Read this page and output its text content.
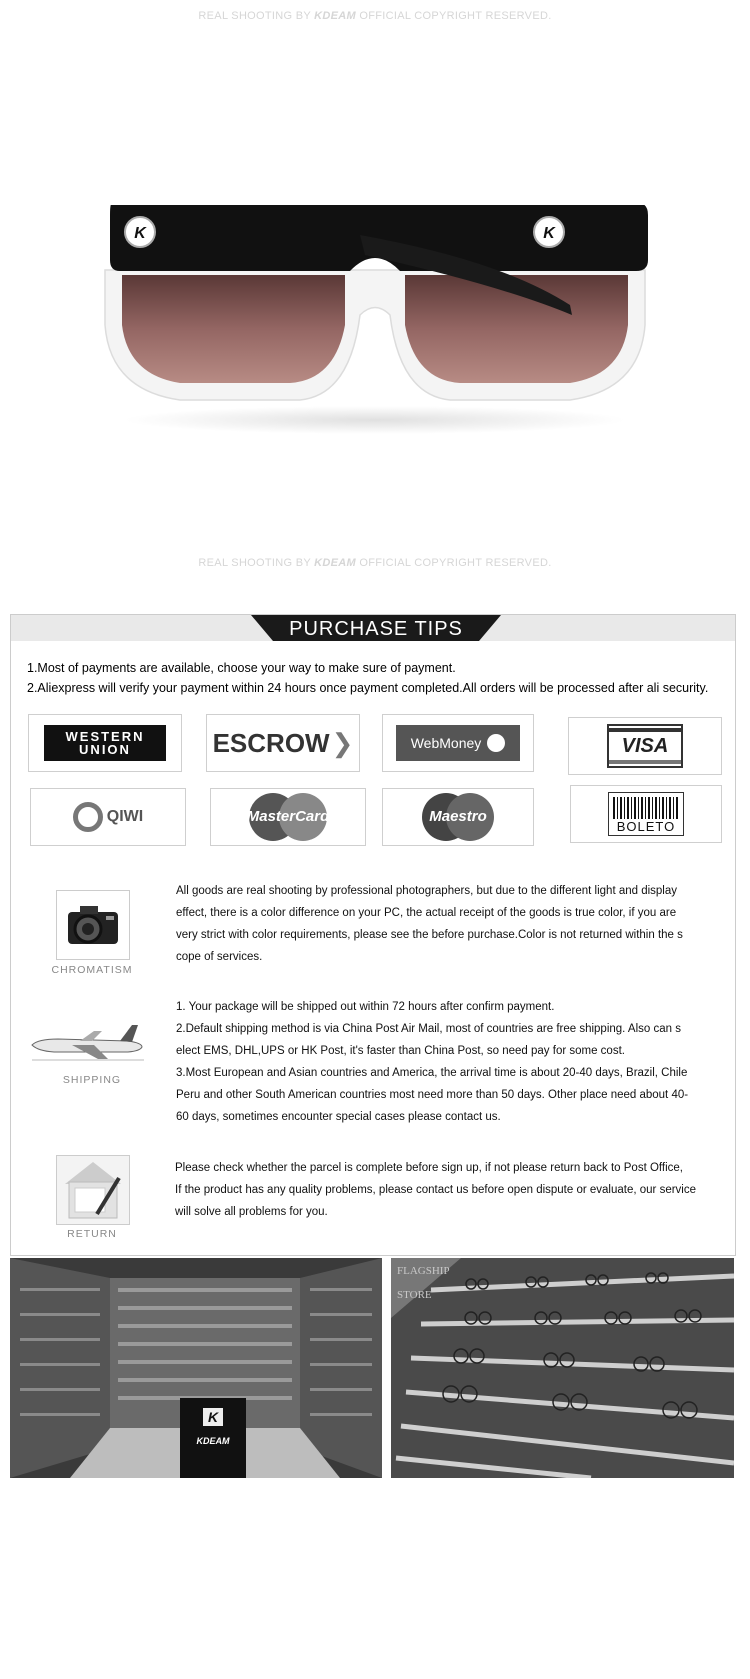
REAL SHOOTING BY KDEAM OFFICIAL COPYRIGHT RESERVED.
K	K
REAL SHOOTING BY KDEAM OFFICIAL COPYRIGHT RESERVED.
PURCHASE TIPS
1.Most of payments are available, choose your way to make sure of payment.
2.Aliexpress will verify your payment within 24 hours once payment completed.All orders will be processed after ali security.
WESTERN
UNION	ESCROW ❯	WebMoney	VISA
QIWI	MasterCard	Maestro
BOLETO
CHROMATISM

All goods are real shooting by professional photographers, but due to the different light and display

effect, there is a color difference on your PC, the actual receipt of the goods is true color, if you are

very strict with color requirements, please see the before purchase.Color is not returned within the s

cope of services.

SHIPPING

1. Your package will be shipped out within 72 hours after confirm payment.

2.Default shipping method is via China Post Air Mail, most of countries are free shipping. Also can s

elect EMS, DHL,UPS or HK Post, it's faster than China Post, so need pay for some cost.

3.Most European and Asian countries and America, the arrival time is about 20-40 days, Brazil, Chile

Peru and other South American countries most need more than 50 days. Other place need about 40-

60 days, sometimes encounter special cases please contact us.

RETURN

Please check whether the parcel is complete before sign up, if not please return back to Post Office,

If the product has any quality problems, please contact us before open dispute or evaluate, our service

will solve all problems for you.

K
KDEAM
FLAGSHIP
STORE
